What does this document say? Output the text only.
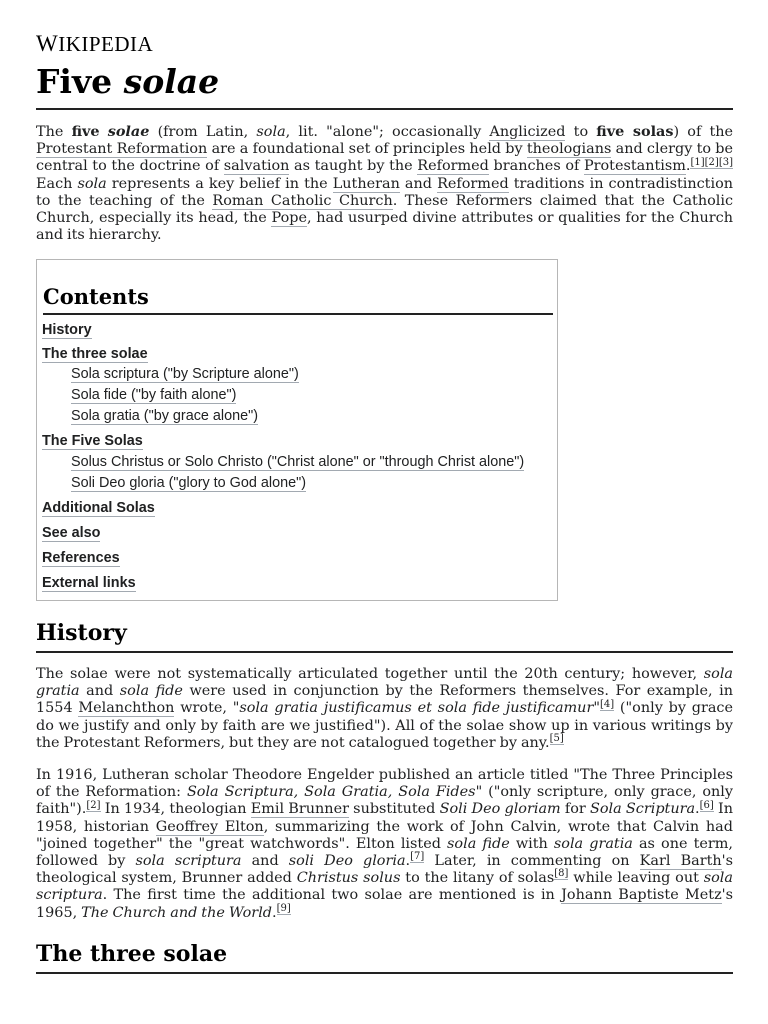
WIKIPEDIA
Five solae

The five solae (from Latin, sola, lit. "alone"; occasionally Anglicized to five solas) of the Protestant Reformation are a foundational set of principles held by theologians and clergy to be central to the doctrine of salvation as taught by the Reformed branches of Protestantism.[1][2][3] Each sola represents a key belief in the Lutheran and Reformed traditions in contradistinction to the teaching of the Roman Catholic Church. These Reformers claimed that the Catholic Church, especially its head, the Pope, had usurped divine attributes or qualities for the Church and its hierarchy.

Contents
History
The three solae
Sola scriptura ("by Scripture alone")
Sola fide ("by faith alone")
Sola gratia ("by grace alone")
The Five Solas
Solus Christus or Solo Christo ("Christ alone" or "through Christ alone")
Soli Deo gloria ("glory to God alone")
Additional Solas
See also
References
External links
History

The solae were not systematically articulated together until the 20th century; however, sola gratia and sola fide were used in conjunction by the Reformers themselves. For example, in 1554 Melanchthon wrote, "sola gratia justificamus et sola fide justificamur"[4] ("only by grace do we justify and only by faith are we justified"). All of the solae show up in various writings by the Protestant Reformers, but they are not catalogued together by any.[5]

In 1916, Lutheran scholar Theodore Engelder published an article titled "The Three Principles of the Reformation: Sola Scriptura, Sola Gratia, Sola Fides" ("only scripture, only grace, only faith").[2] In 1934, theologian Emil Brunner substituted Soli Deo gloriam for Sola Scriptura.[6] In 1958, historian Geoffrey Elton, summarizing the work of John Calvin, wrote that Calvin had "joined together" the "great watchwords". Elton listed sola fide with sola gratia as one term, followed by sola scriptura and soli Deo gloria.[7] Later, in commenting on Karl Barth's theological system, Brunner added Christus solus to the litany of solas[8] while leaving out sola scriptura. The first time the additional two solae are mentioned is in Johann Baptiste Metz's 1965, The Church and the World.[9]

The three solae
